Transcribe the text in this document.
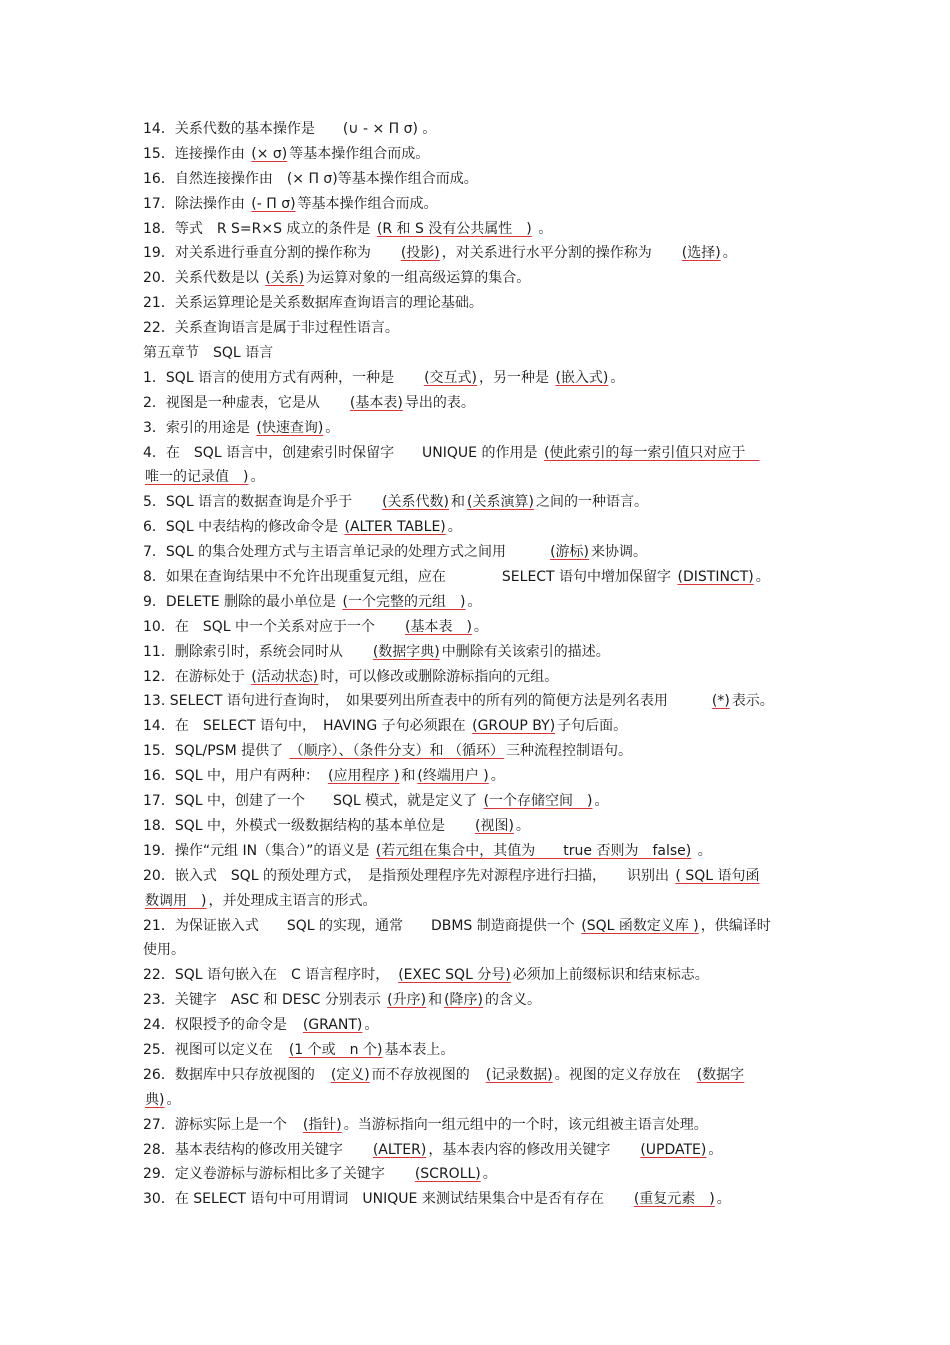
14．关系代数的基本操作是　　(∪ - × Π σ) 。
15．连接操作由 (× σ) 等基本操作组合而成。
16．自然连接操作由　(× Π σ)等基本操作组合而成。
17．除法操作由 (- Π σ) 等基本操作组合而成。
18．等式　R S=R×S 成立的条件是 (R 和 S 没有公共属性　) 。
19．对关系进行垂直分割的操作称为　　(投影) ，对关系进行水平分割的操作称为　　(选择) 。
20．关系代数是以 (关系) 为运算对象的一组高级运算的集合。
21．关系运算理论是关系数据库查询语言的理论基础。
22．关系查询语言是属于非过程性语言。
第五章节　SQL 语言
1．SQL 语言的使用方式有两种，一种是　　(交互式) ，另一种是 (嵌入式) 。
2．视图是一种虚表，它是从　　(基本表) 导出的表。
3．索引的用途是 (快速查询) 。
4．在　SQL 语言中，创建索引时保留字　　UNIQUE 的作用是 (使此索引的每一索引值只对应于　
唯一的记录值　) 。
5．SQL 语言的数据查询是介乎于　　(关系代数) 和 (关系演算) 之间的一种语言。
6．SQL 中表结构的修改命令是 (ALTER TABLE) 。
7．SQL 的集合处理方式与主语言单记录的处理方式之间用　　　(游标) 来协调。
8．如果在查询结果中不允许出现重复元组，应在　　　　SELECT 语句中增加保留字 (DISTINCT) 。
9．DELETE 删除的最小单位是 (一个完整的元组　) 。
10．在　SQL 中一个关系对应于一个　　(基本表　) 。
11．删除索引时，系统会同时从　　(数据字典) 中删除有关该索引的描述。
12．在游标处于 (活动状态) 时，可以修改或删除游标指向的元组。
13. SELECT 语句进行查询时，　如果要列出所查表中的所有列的简便方法是列名表用　　　(*) 表示。
14．在　SELECT 语句中，　HAVING 子句必须跟在 (GROUP BY) 子句后面。
15．SQL/PSM 提供了 （顺序）、（条件分支）和 （循环） 三种流程控制语句。
16．SQL 中，用户有两种：　(应用程序 ) 和 (终端用户 ) 。
17．SQL 中，创建了一个　　SQL 模式，就是定义了 (一个存储空间　) 。
18．SQL 中，外模式一级数据结构的基本单位是　　(视图) 。
19．操作“元组 IN（集合）”的语义是 (若元组在集合中，其值为　　true 否则为　false) 。
20．嵌入式　SQL 的预处理方式，　是指预处理程序先对源程序进行扫描，　　识别出 ( SQL 语句函
数调用　) ，并处理成主语言的形式。
21．为保证嵌入式　　SQL 的实现，通常　　DBMS 制造商提供一个 (SQL 函数定义库 ) ，供编译时
使用。
22．SQL 语句嵌入在　C 语言程序时，　(EXEC SQL 分号) 必须加上前缀标识和结束标志。
23．关键字　ASC 和 DESC 分别表示 (升序) 和 (降序) 的含义。
24．权限授予的命令是　(GRANT) 。
25．视图可以定义在　(1 个或　n 个) 基本表上。
26．数据库中只存放视图的　(定义) 而不存放视图的　(记录数据) 。视图的定义存放在　(数据字
典) 。
27．游标实际上是一个　(指针) 。当游标指向一组元组中的一个时，该元组被主语言处理。
28．基本表结构的修改用关键字　　(ALTER) ，基本表内容的修改用关键字　　(UPDATE) 。
29．定义卷游标与游标相比多了关键字　　(SCROLL) 。
30．在 SELECT 语句中可用谓词　UNIQUE 来测试结果集合中是否有存在　　(重复元素　) 。
